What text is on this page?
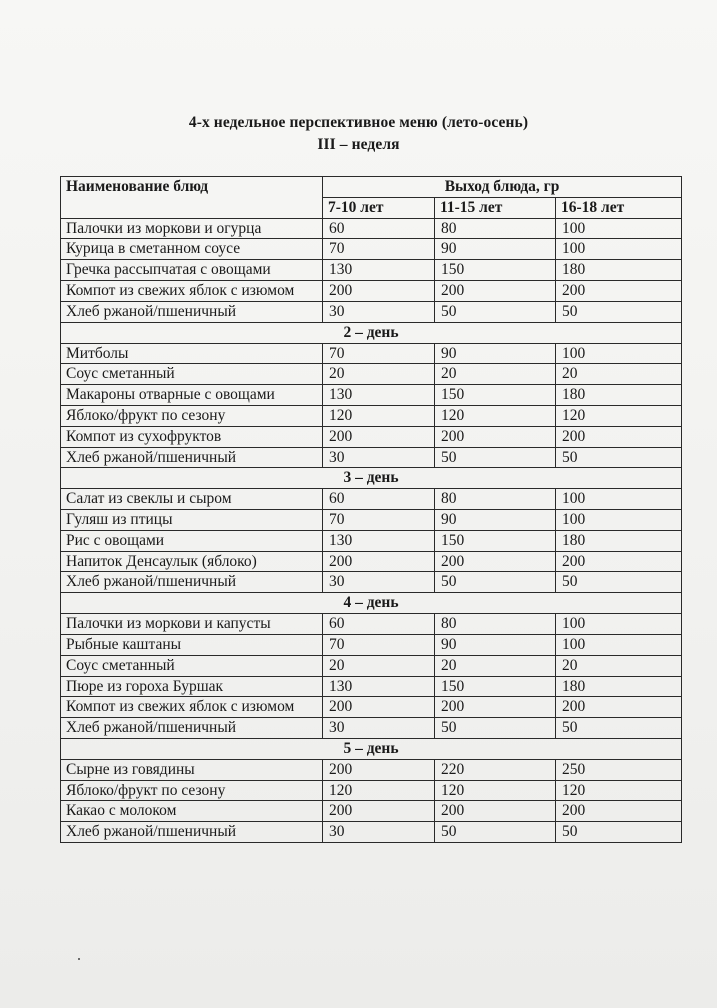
4-х недельное перспективное меню (лето-осень)
III – неделя
Наименование блюд	Выход блюда, гр		
	7-10 лет	11-15 лет	16-18 лет
Палочки из моркови и огурца	60	80	100
Курица в сметанном соусе	70	90	100
Гречка рассыпчатая с овощами	130	150	180
Компот из свежих яблок с изюмом	200	200	200
Хлеб ржаной/пшеничный	30	50	50
2 – день			
Митболы	70	90	100
Соус сметанный	20	20	20
Макароны отварные с овощами	130	150	180
Яблоко/фрукт по сезону	120	120	120
Компот из сухофруктов	200	200	200
Хлеб ржаной/пшеничный	30	50	50
3 – день			
Салат из свеклы и сыром	60	80	100
Гуляш из птицы	70	90	100
Рис с овощами	130	150	180
Напиток Денсаулык (яблоко)	200	200	200
Хлеб ржаной/пшеничный	30	50	50
4 – день			
Палочки из моркови и капусты	60	80	100
Рыбные каштаны	70	90	100
Соус сметанный	20	20	20
Пюре из гороха Буршак	130	150	180
Компот из свежих яблок с изюмом	200	200	200
Хлеб ржаной/пшеничный	30	50	50
5 – день			
Сырне из говядины	200	220	250
Яблоко/фрукт по сезону	120	120	120
Какао с молоком	200	200	200
Хлеб ржаной/пшеничный	30	50	50
